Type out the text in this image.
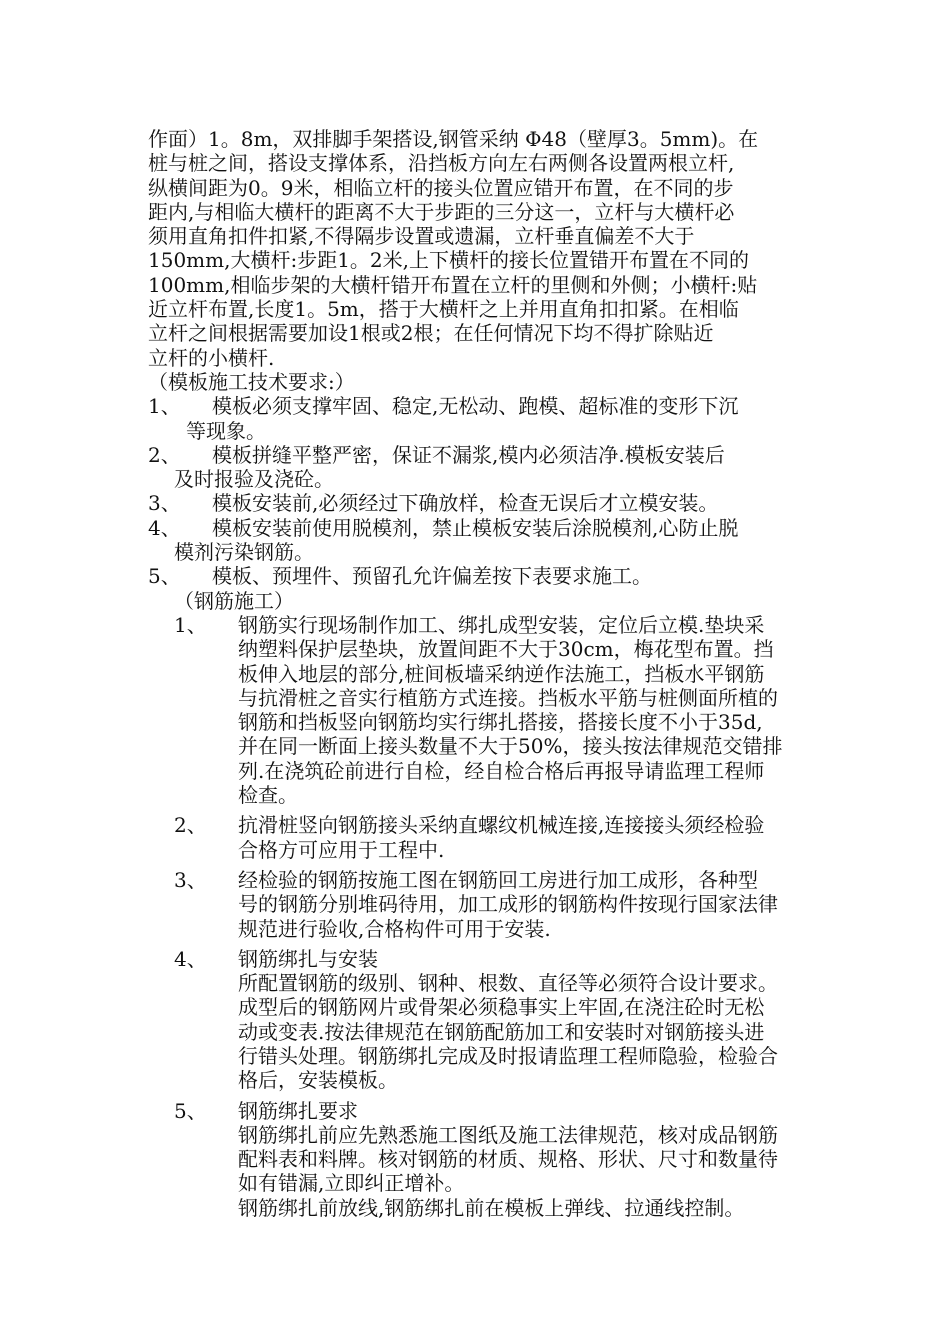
作面）1。8m，双排脚手架搭设,钢管采纳 Φ48（壁厚3。5mm)。在
桩与桩之间，搭设支撑体系，沿挡板方向左右两侧各设置两根立杆,
纵横间距为0。9米，相临立杆的接头位置应错开布置，在不同的步
距内,与相临大横杆的距离不大于步距的三分这一，立杆与大横杆必
须用直角扣件扣紧,不得隔步设置或遗漏，立杆垂直偏差不大于
150mm,大横杆:步距1。2米,上下横杆的接长位置错开布置在不同的
100mm,相临步架的大横杆错开布置在立杆的里侧和外侧；小横杆:贴
近立杆布置,长度1。5m，搭于大横杆之上并用直角扣扣紧。在相临
立杆之间根据需要加设1根或2根；在任何情况下均不得扩除贴近
立杆的小横杆.
（模板施工技术要求:）
1、	模板必须支撑牢固、稳定,无松动、跑模、超标准的变形下沉
等现象。
2、	模板拼缝平整严密，保证不漏浆,模内必须洁净.模板安装后
及时报验及浇砼。
3、	模板安装前,必须经过下确放样，检查无误后才立模安装。
4、	模板安装前使用脱模剂，禁止模板安装后涂脱模剂,心防止脱
模剂污染钢筋。
5、	模板、预埋件、预留孔允许偏差按下表要求施工。
（钢筋施工）
1、	钢筋实行现场制作加工、绑扎成型安装，定位后立模.垫块采
纳塑料保护层垫块，放置间距不大于30cm，梅花型布置。挡
板伸入地层的部分,桩间板墙采纳逆作法施工，挡板水平钢筋
与抗滑桩之音实行植筋方式连接。挡板水平筋与桩侧面所植的
钢筋和挡板竖向钢筋均实行绑扎搭接，搭接长度不小于35d,
并在同一断面上接头数量不大于50%，接头按法律规范交错排
列.在浇筑砼前进行自检，经自检合格后再报导请监理工程师
检查。
2、	抗滑桩竖向钢筋接头采纳直螺纹机械连接,连接接头须经检验
合格方可应用于工程中.
3、	经检验的钢筋按施工图在钢筋回工房进行加工成形，各种型
号的钢筋分别堆码待用，加工成形的钢筋构件按现行国家法律
规范进行验收,合格构件可用于安装.
4、	钢筋绑扎与安装
所配置钢筋的级别、钢种、根数、直径等必须符合设计要求。
成型后的钢筋网片或骨架必须稳事实上牢固,在浇注砼时无松
动或变表.按法律规范在钢筋配筋加工和安装时对钢筋接头进
行错头处理。钢筋绑扎完成及时报请监理工程师隐验，检验合
格后，安装模板。
5、	钢筋绑扎要求
钢筋绑扎前应先熟悉施工图纸及施工法律规范，核对成品钢筋
配料表和料牌。核对钢筋的材质、规格、形状、尺寸和数量待
如有错漏,立即纠正增补。
钢筋绑扎前放线,钢筋绑扎前在模板上弹线、拉通线控制。
